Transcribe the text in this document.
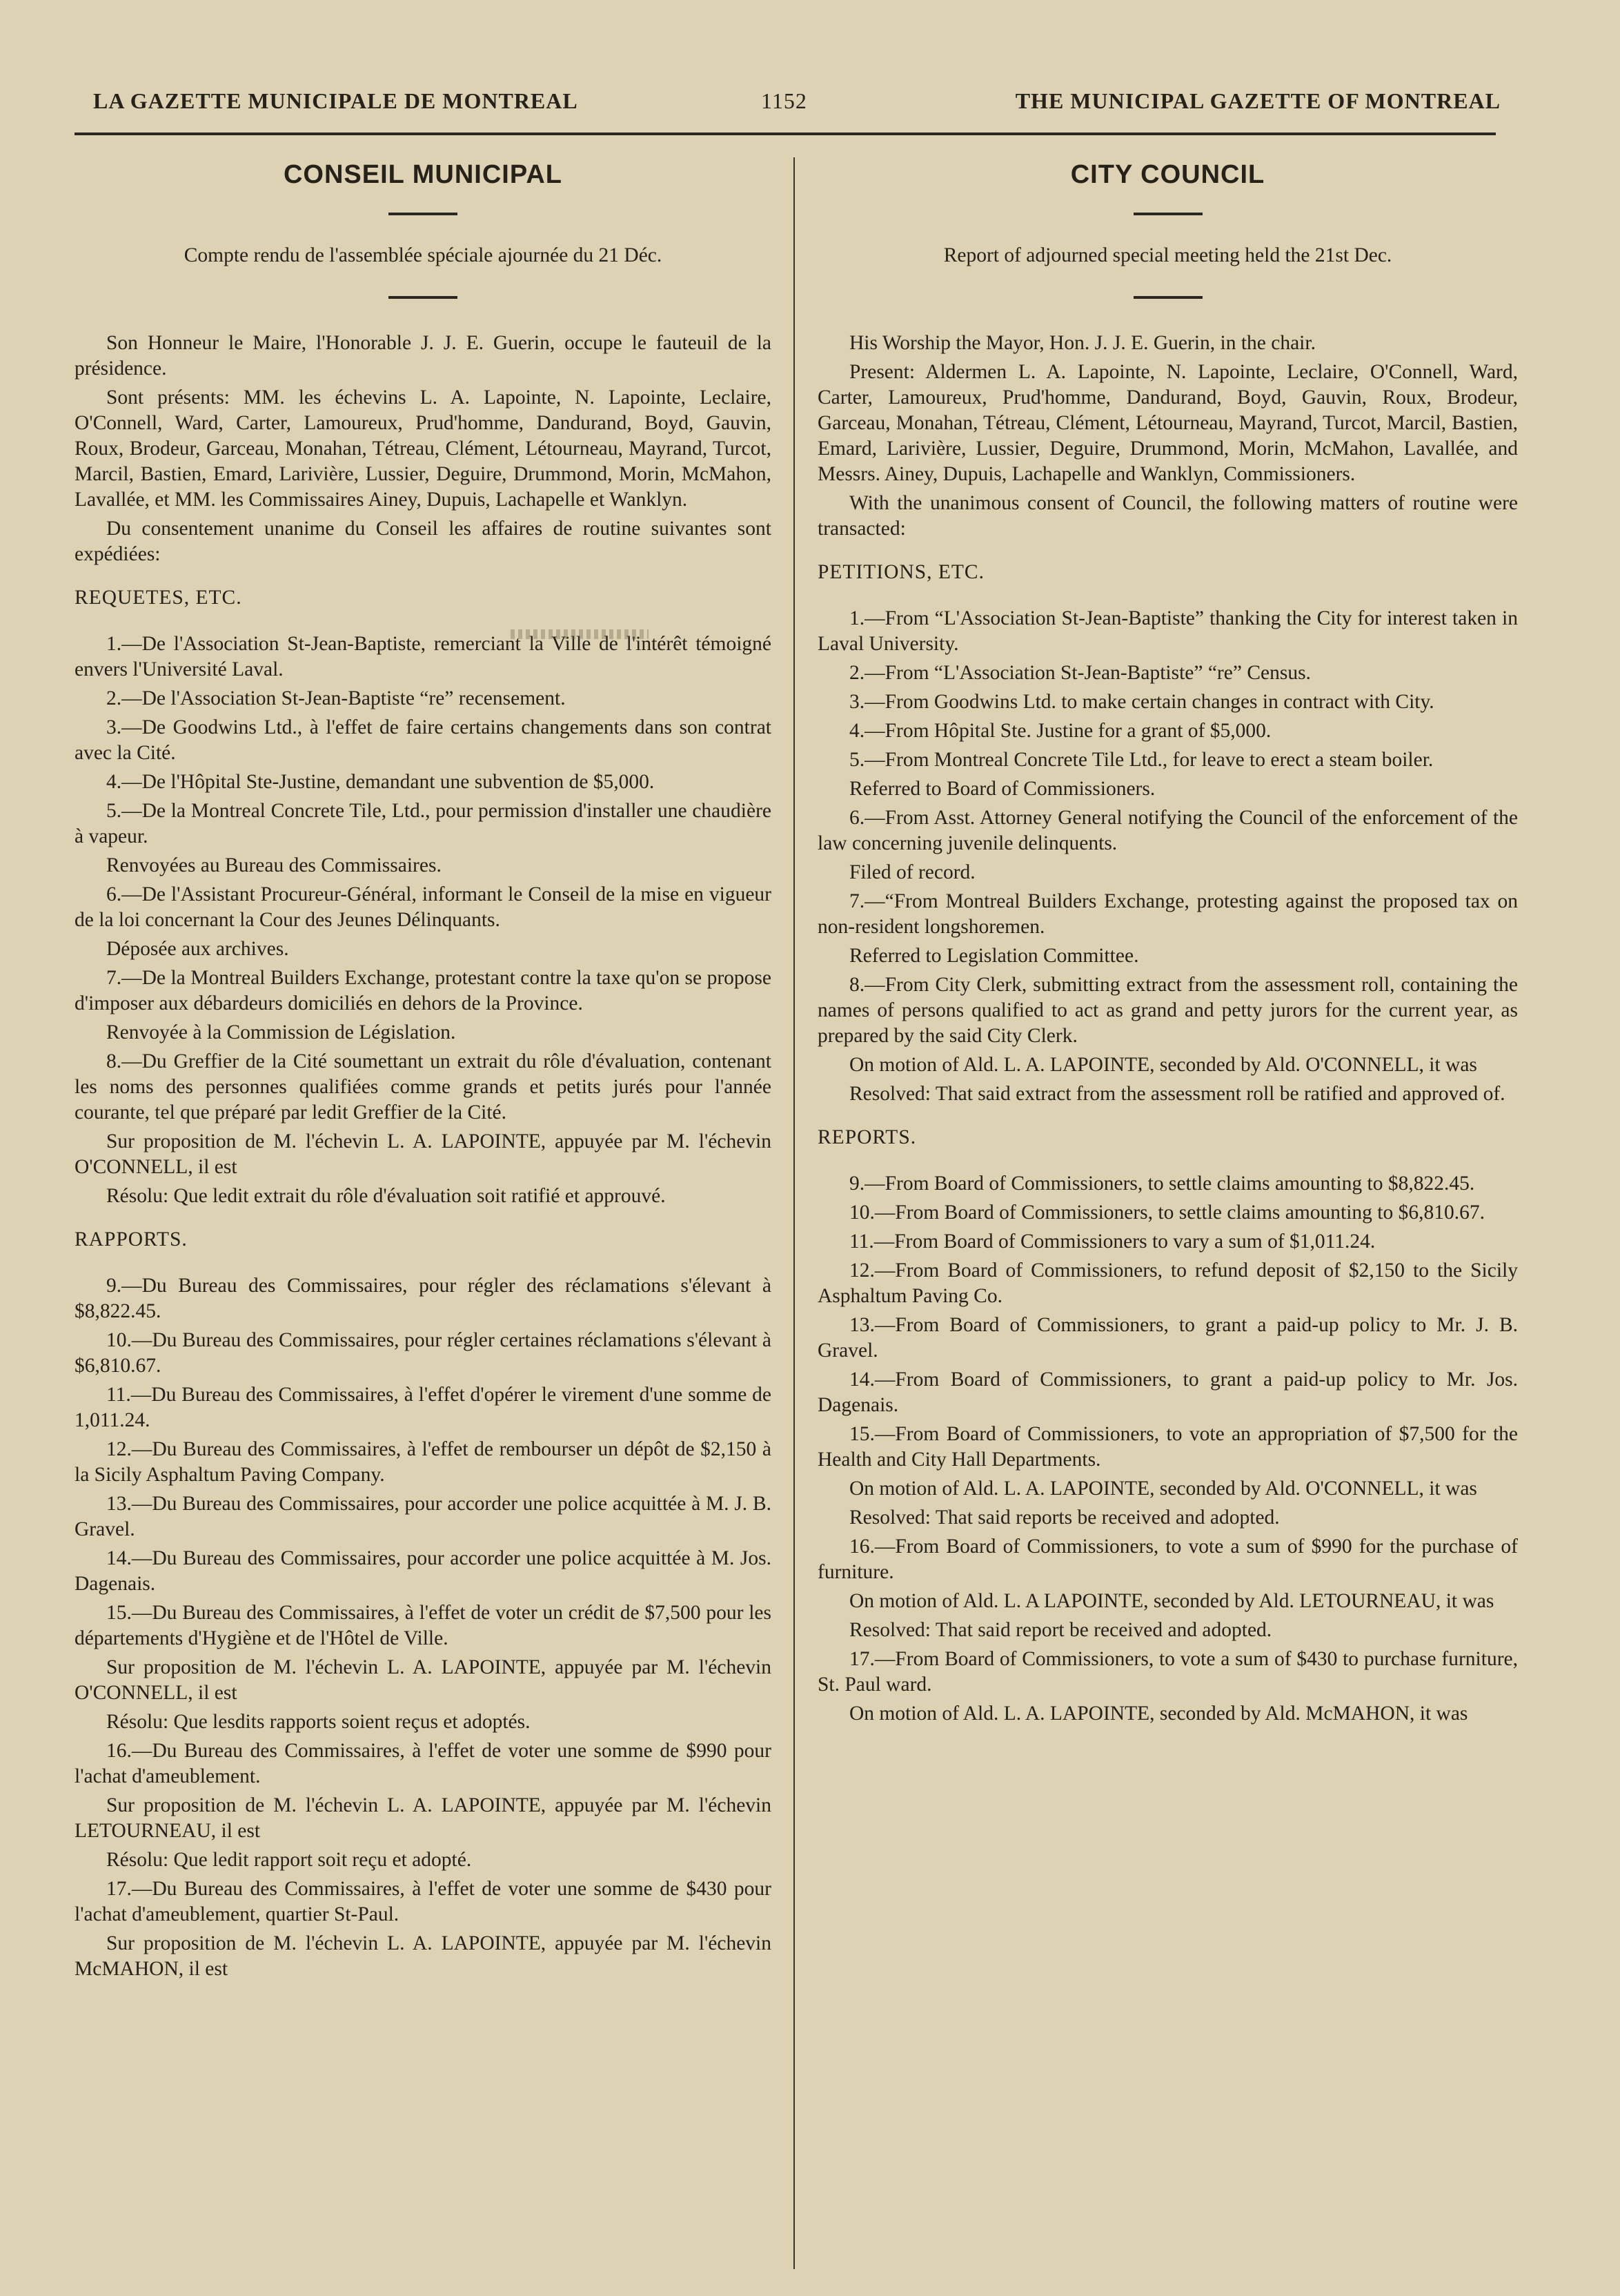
LA GAZETTE MUNICIPALE DE MONTREAL	1152	THE MUNICIPAL GAZETTE OF MONTREAL
CONSEIL MUNICIPAL

Compte rendu de l'assemblée spéciale ajournée du 21 Déc.

Son Honneur le Maire, l'Honorable J. J. E. Guerin, occupe le fauteuil de la présidence.

Sont présents: MM. les échevins L. A. Lapointe, N. Lapointe, Leclaire, O'Connell, Ward, Carter, Lamoureux, Prud'homme, Dandurand, Boyd, Gauvin, Roux, Brodeur, Garceau, Monahan, Tétreau, Clément, Létourneau, Mayrand, Turcot, Marcil, Bastien, Emard, Larivière, Lussier, Deguire, Drummond, Morin, McMahon, Lavallée, et MM. les Commissaires Ainey, Dupuis, Lachapelle et Wanklyn.

Du consentement unanime du Conseil les affaires de routine suivantes sont expédiées:

REQUETES, ETC.

1.—De l'Association St-Jean-Baptiste, remerciant la Ville de l'intérêt témoigné envers l'Université Laval.

2.—De l'Association St-Jean-Baptiste “re” recensement.

3.—De Goodwins Ltd., à l'effet de faire certains changements dans son contrat avec la Cité.

4.—De l'Hôpital Ste-Justine, demandant une subvention de $5,000.

5.—De la Montreal Concrete Tile, Ltd., pour permission d'installer une chaudière à vapeur.

Renvoyées au Bureau des Commissaires.

6.—De l'Assistant Procureur-Général, informant le Conseil de la mise en vigueur de la loi concernant la Cour des Jeunes Délinquants.

Déposée aux archives.

7.—De la Montreal Builders Exchange, protestant contre la taxe qu'on se propose d'imposer aux débardeurs domiciliés en dehors de la Province.

Renvoyée à la Commission de Législation.

8.—Du Greffier de la Cité soumettant un extrait du rôle d'évaluation, contenant les noms des personnes qualifiées comme grands et petits jurés pour l'année courante, tel que préparé par ledit Greffier de la Cité.

Sur proposition de M. l'échevin L. A. LAPOINTE, appuyée par M. l'échevin O'CONNELL, il est

Résolu: Que ledit extrait du rôle d'évaluation soit ratifié et approuvé.

RAPPORTS.

9.—Du Bureau des Commissaires, pour régler des réclamations s'élevant à $8,822.45.

10.—Du Bureau des Commissaires, pour régler certaines réclamations s'élevant à $6,810.67.

11.—Du Bureau des Commissaires, à l'effet d'opérer le virement d'une somme de 1,011.24.

12.—Du Bureau des Commissaires, à l'effet de rembourser un dépôt de $2,150 à la Sicily Asphaltum Paving Company.

13.—Du Bureau des Commissaires, pour accorder une police acquittée à M. J. B. Gravel.

14.—Du Bureau des Commissaires, pour accorder une police acquittée à M. Jos. Dagenais.

15.—Du Bureau des Commissaires, à l'effet de voter un crédit de $7,500 pour les départements d'Hygiène et de l'Hôtel de Ville.

Sur proposition de M. l'échevin L. A. LAPOINTE, appuyée par M. l'échevin O'CONNELL, il est

Résolu: Que lesdits rapports soient reçus et adoptés.

16.—Du Bureau des Commissaires, à l'effet de voter une somme de $990 pour l'achat d'ameublement.

Sur proposition de M. l'échevin L. A. LAPOINTE, appuyée par M. l'échevin LETOURNEAU, il est

Résolu: Que ledit rapport soit reçu et adopté.

17.—Du Bureau des Commissaires, à l'effet de voter une somme de $430 pour l'achat d'ameublement, quartier St-Paul.

Sur proposition de M. l'échevin L. A. LAPOINTE, appuyée par M. l'échevin McMAHON, il est

CITY COUNCIL

Report of adjourned special meeting held the 21st Dec.

His Worship the Mayor, Hon. J. J. E. Guerin, in the chair.

Present: Aldermen L. A. Lapointe, N. Lapointe, Leclaire, O'Connell, Ward, Carter, Lamoureux, Prud'homme, Dandurand, Boyd, Gauvin, Roux, Brodeur, Garceau, Monahan, Tétreau, Clément, Létourneau, Mayrand, Turcot, Marcil, Bastien, Emard, Larivière, Lussier, Deguire, Drummond, Morin, McMahon, Lavallée, and Messrs. Ainey, Dupuis, Lachapelle and Wanklyn, Commissioners.

With the unanimous consent of Council, the following matters of routine were transacted:

PETITIONS, ETC.

1.—From “L'Association St-Jean-Baptiste” thanking the City for interest taken in Laval University.

2.—From “L'Association St-Jean-Baptiste” “re” Census.

3.—From Goodwins Ltd. to make certain changes in contract with City.

4.—From Hôpital Ste. Justine for a grant of $5,000.

5.—From Montreal Concrete Tile Ltd., for leave to erect a steam boiler.

Referred to Board of Commissioners.

6.—From Asst. Attorney General notifying the Council of the enforcement of the law concerning juvenile delinquents.

Filed of record.

7.—“From Montreal Builders Exchange, protesting against the proposed tax on non-resident longshoremen.

Referred to Legislation Committee.

8.—From City Clerk, submitting extract from the assessment roll, containing the names of persons qualified to act as grand and petty jurors for the current year, as prepared by the said City Clerk.

On motion of Ald. L. A. LAPOINTE, seconded by Ald. O'CONNELL, it was

Resolved: That said extract from the assessment roll be ratified and approved of.

REPORTS.

9.—From Board of Commissioners, to settle claims amounting to $8,822.45.

10.—From Board of Commissioners, to settle claims amounting to $6,810.67.

11.—From Board of Commissioners to vary a sum of $1,011.24.

12.—From Board of Commissioners, to refund deposit of $2,150 to the Sicily Asphaltum Paving Co.

13.—From Board of Commissioners, to grant a paid-up policy to Mr. J. B. Gravel.

14.—From Board of Commissioners, to grant a paid-up policy to Mr. Jos. Dagenais.

15.—From Board of Commissioners, to vote an appropriation of $7,500 for the Health and City Hall Departments.

On motion of Ald. L. A. LAPOINTE, seconded by Ald. O'CONNELL, it was

Resolved: That said reports be received and adopted.

16.—From Board of Commissioners, to vote a sum of $990 for the purchase of furniture.

On motion of Ald. L. A LAPOINTE, seconded by Ald. LETOURNEAU, it was

Resolved: That said report be received and adopted.

17.—From Board of Commissioners, to vote a sum of $430 to purchase furniture, St. Paul ward.

On motion of Ald. L. A. LAPOINTE, seconded by Ald. McMAHON, it was
